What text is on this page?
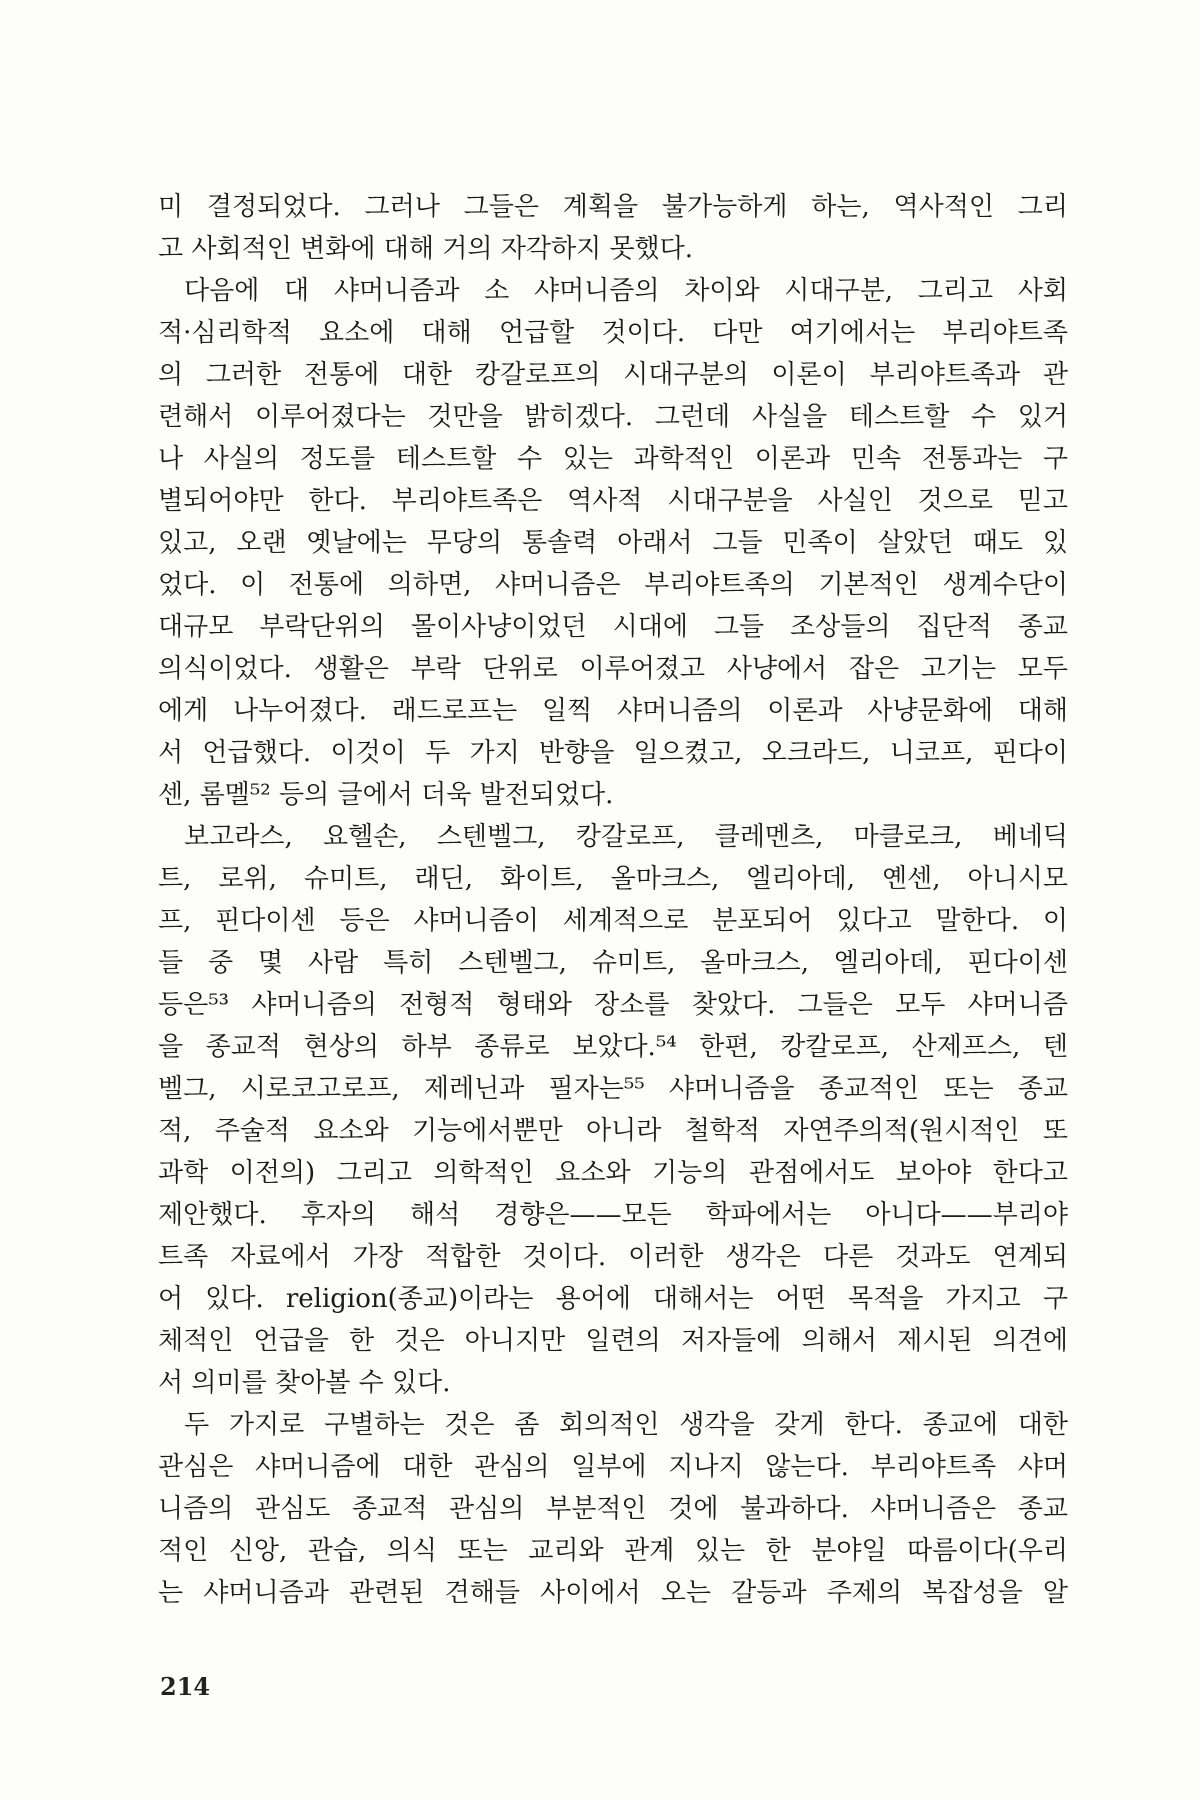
미 결정되었다. 그러나 그들은 계획을 불가능하게 하는, 역사적인 그리
고 사회적인 변화에 대해 거의 자각하지 못했다.
다음에 대 샤머니즘과 소 샤머니즘의 차이와 시대구분, 그리고 사회
적·심리학적 요소에 대해 언급할 것이다. 다만 여기에서는 부리야트족
의 그러한 전통에 대한 캉갈로프의 시대구분의 이론이 부리야트족과 관
련해서 이루어졌다는 것만을 밝히겠다. 그런데 사실을 테스트할 수 있거
나 사실의 정도를 테스트할 수 있는 과학적인 이론과 민속 전통과는 구
별되어야만 한다. 부리야트족은 역사적 시대구분을 사실인 것으로 믿고
있고, 오랜 옛날에는 무당의 통솔력 아래서 그들 민족이 살았던 때도 있
었다. 이 전통에 의하면, 샤머니즘은 부리야트족의 기본적인 생계수단이
대규모 부락단위의 몰이사냥이었던 시대에 그들 조상들의 집단적 종교
의식이었다. 생활은 부락 단위로 이루어졌고 사냥에서 잡은 고기는 모두
에게 나누어졌다. 래드로프는 일찍 샤머니즘의 이론과 사냥문화에 대해
서 언급했다. 이것이 두 가지 반향을 일으켰고, 오크라드, 니코프, 핀다이
센, 롬멜⁵² 등의 글에서 더욱 발전되었다.
보고라스, 요헬손, 스텐벨그, 캉갈로프, 클레멘츠, 마클로크, 베네딕
트, 로위, 슈미트, 래딘, 화이트, 올마크스, 엘리아데, 옌센, 아니시모
프, 핀다이센 등은 샤머니즘이 세계적으로 분포되어 있다고 말한다. 이
들 중 몇 사람 특히 스텐벨그, 슈미트, 올마크스, 엘리아데, 핀다이센
등은⁵³ 샤머니즘의 전형적 형태와 장소를 찾았다. 그들은 모두 샤머니즘
을 종교적 현상의 하부 종류로 보았다.⁵⁴ 한편, 캉칼로프, 산제프스, 텐
벨그, 시로코고로프, 제레닌과 필자는⁵⁵ 샤머니즘을 종교적인 또는 종교
적, 주술적 요소와 기능에서뿐만 아니라 철학적 자연주의적(원시적인 또
과학 이전의) 그리고 의학적인 요소와 기능의 관점에서도 보아야 한다고
제안했다. 후자의 해석 경향은——모든 학파에서는 아니다——부리야
트족 자료에서 가장 적합한 것이다. 이러한 생각은 다른 것과도 연계되
어 있다. religion(종교)이라는 용어에 대해서는 어떤 목적을 가지고 구
체적인 언급을 한 것은 아니지만 일련의 저자들에 의해서 제시된 의견에
서 의미를 찾아볼 수 있다.
두 가지로 구별하는 것은 좀 회의적인 생각을 갖게 한다. 종교에 대한
관심은 샤머니즘에 대한 관심의 일부에 지나지 않는다. 부리야트족 샤머
니즘의 관심도 종교적 관심의 부분적인 것에 불과하다. 샤머니즘은 종교
적인 신앙, 관습, 의식 또는 교리와 관계 있는 한 분야일 따름이다(우리
는 샤머니즘과 관련된 견해들 사이에서 오는 갈등과 주제의 복잡성을 알
214
